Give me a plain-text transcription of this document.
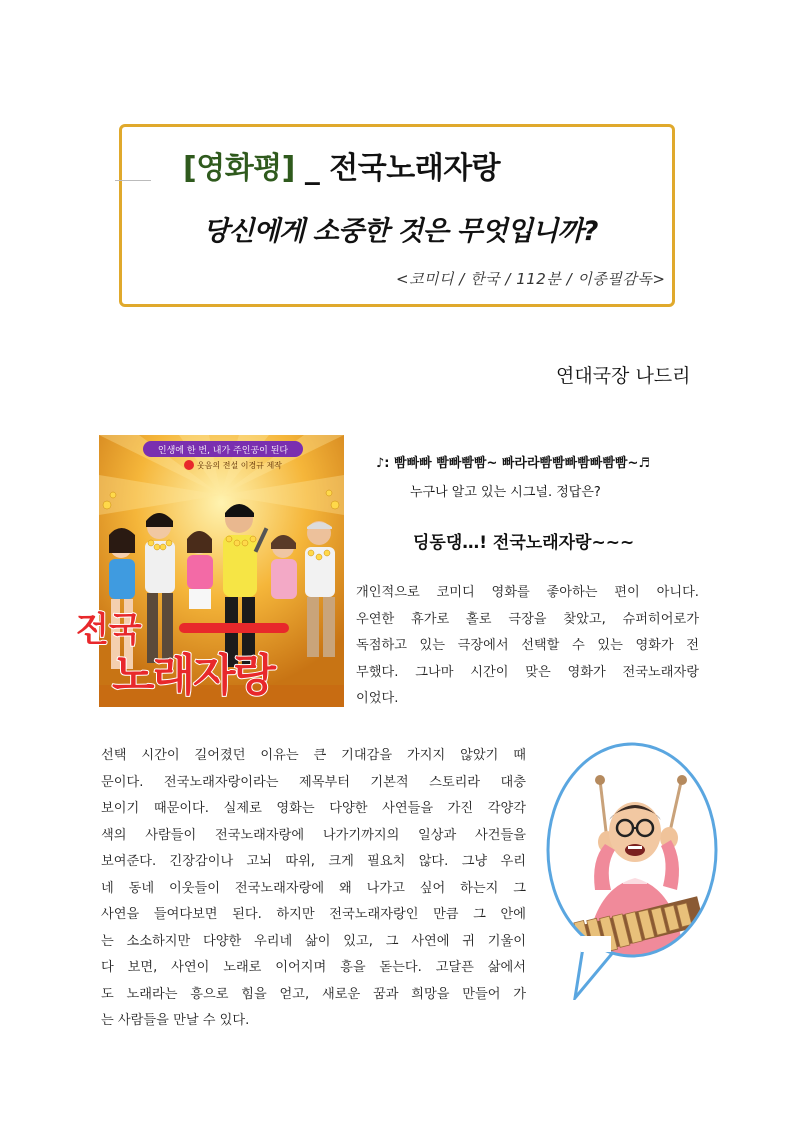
[영화평] _ 전국노래자랑
당신에게 소중한 것은 무엇입니까?
<코미디 / 한국 / 112분 / 이종필감독>
연대국장 나드리
인생에 한 번, 내가 주인공이 된다
웃음의 전설 이경규 제작
전국
노래자랑
♪: 빰빠빠 빰빠빰빰~ 빠라라빰빰빠빰빠빰빰~♬
누구나 알고 있는 시그널. 정답은?
딩동댕…! 전국노래자랑~~~
개인적으로 코미디 영화를 좋아하는 편이 아니다.
우연한 휴가로 홀로 극장을 찾았고, 슈퍼히어로가
독점하고 있는 극장에서 선택할 수 있는 영화가 전
무했다. 그나마 시간이 맞은 영화가 전국노래자랑
이었다.
선택 시간이 길어졌던 이유는 큰 기대감을 가지지 않았기 때
문이다. 전국노래자랑이라는 제목부터 기본적 스토리라 대충
보이기 때문이다. 실제로 영화는 다양한 사연들을 가진 각양각
색의 사람들이 전국노래자랑에 나가기까지의 일상과 사건들을
보여준다. 긴장감이나 고뇌 따위, 크게 필요치 않다. 그냥 우리
네 동네 이웃들이 전국노래자랑에 왜 나가고 싶어 하는지 그
사연을 들여다보면 된다. 하지만 전국노래자랑인 만큼 그 안에
는 소소하지만 다양한 우리네 삶이 있고, 그 사연에 귀 기울이
다 보면, 사연이 노래로 이어지며 흥을 돋는다. 고달픈 삶에서
도 노래라는 흥으로 힘을 얻고, 새로운 꿈과 희망을 만들어 가
는 사람들을 만날 수 있다.
